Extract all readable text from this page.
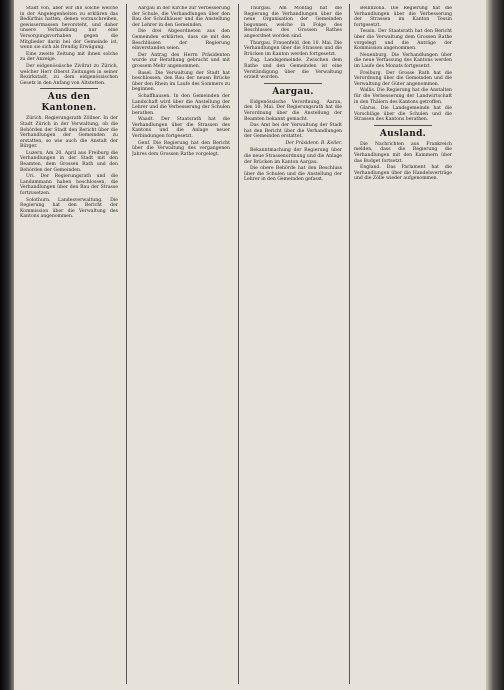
Stadt von, aber wir ihn solche welche in der Angelegenheiten zu erklären das Bedürfnis hatten, denen vorzuschreiben, gewissermassen bevorsteht, und daher unsere Verhandlung nur eine Versorgungsvorhaben gegen die Mitglieder darin bei der Gemeinde ist, wenn sie sich als freudig Erwägung.

Eine zweite Zeitung mit ihnen solche zu der Anzeige.

Der eidgenössische Zivilrat zu Zürich, welcher Herr Oberst Zeitungen in seiner Bezirkstadt, zu dem eidgenössischen Gesetz in den Anfang von Altstetten.

Aus den Kantonen.

Zürich. Regierungsrath Zöllner. In der Stadt Zürich in der Verwaltung, ob die Behörden der Stadt den Bericht über die Verhandlungen der Gemeinden zu erstatten, so wie auch die Anstalt der Bürger.

Luzern. Am 20. April aus Freiburg die Verhandlungen in der Stadt mit den Beamten, dem Grossen Rath und den Behörden der Gemeinden.

Uri. Der Regierungsrath und die Landammann haben beschlossen, die Verhandlungen über den Bau der Strasse fortzusetzen.

Solothurn. Landesverwaltung. Die Regierung hat den Bericht der Kommission über die Verwaltung des Kantons angenommen.

Aargau in der Kirche zur Verbesserung der Schule, die Verhandlungen über den Bau der Schulhäuser und die Anstellung der Lehrer in den Gemeinden.

Die drei Abgeordneten aus den Gemeinden erklärten, dass sie mit den Beschlüssen der Regierung einverstanden seien.

Der Antrag des Herrn Präsidenten wurde zur Berathung gebracht und mit grossem Mehr angenommen.

Basel. Die Verwaltung der Stadt hat beschlossen, den Bau der neuen Brücke über den Rhein im Laufe des Sommers zu beginnen.

Schaffhausen. In den Gemeinden der Landschaft wird über die Anstellung der Lehrer und die Verbesserung der Schulen berathen.

Waadt. Der Staatsrath hat die Verhandlungen über die Strassen des Kantons und die Anlage neuer Verbindungen fortgesetzt.

Genf. Die Regierung hat den Bericht über die Verwaltung des vergangenen Jahres dem Grossen Rathe vorgelegt.

Thurgau. Am Montag hat die Regierung die Verhandlungen über die neue Organisation der Gemeinden begonnen, welche in Folge des Beschlusses des Grossen Rathes angeordnet worden sind.

Thurgau. Frauenfeld, den 10. Mai. Die Verhandlungen über die Strassen und die Brücken im Kanton werden fortgesetzt.

Zug. Landsgemeinde. Zwischen dem Rathe und den Gemeinden ist eine Verständigung über die Verwaltung erzielt worden.

Aargau.

Eidgenössische Verordnung. Aarau, den 10. Mai. Der Regierungsrath hat die Verordnung über die Anstellung der Beamten bekannt gemacht.

Das Amt bei der Verwaltung der Stadt hat den Bericht über die Verhandlungen der Gemeinden erstattet.

Der Präsident: B. Keller.

Bekanntmachung der Regierung über die neue Strassenordnung und die Anlage der Brücken im Kanton Aargau.

Die obere Behörde hat den Beschluss über die Schulen und die Anstellung der Lehrer in den Gemeinden gefasst.

Bellinzona. Die Regierung hat die Verhandlungen über die Verbesserung der Strassen im Kanton Tessin fortgesetzt.

Tessin. Der Staatsrath hat den Bericht über die Verwaltung dem Grossen Rathe vorgelegt und die Anträge der Kommission angenommen.

Neuenburg. Die Verhandlungen über die neue Verfassung des Kantons werden im Laufe des Monats fortgesetzt.

Freiburg. Der Grosse Rath hat die Verordnung über die Gemeinden und die Verwaltung der Güter angenommen.

Wallis. Die Regierung hat die Anstalten für die Verbesserung der Landwirtschaft in den Thälern des Kantons getroffen.

Glarus. Die Landsgemeinde hat die Vorschläge über die Schulen und die Strassen des Kantons berathen.

Ausland.

Die Nachrichten aus Frankreich melden, dass die Regierung die Verhandlungen mit den Kammern über das Budget fortsetzt.

England. Das Parlament hat die Verhandlungen über die Handelsverträge und die Zölle wieder aufgenommen.
